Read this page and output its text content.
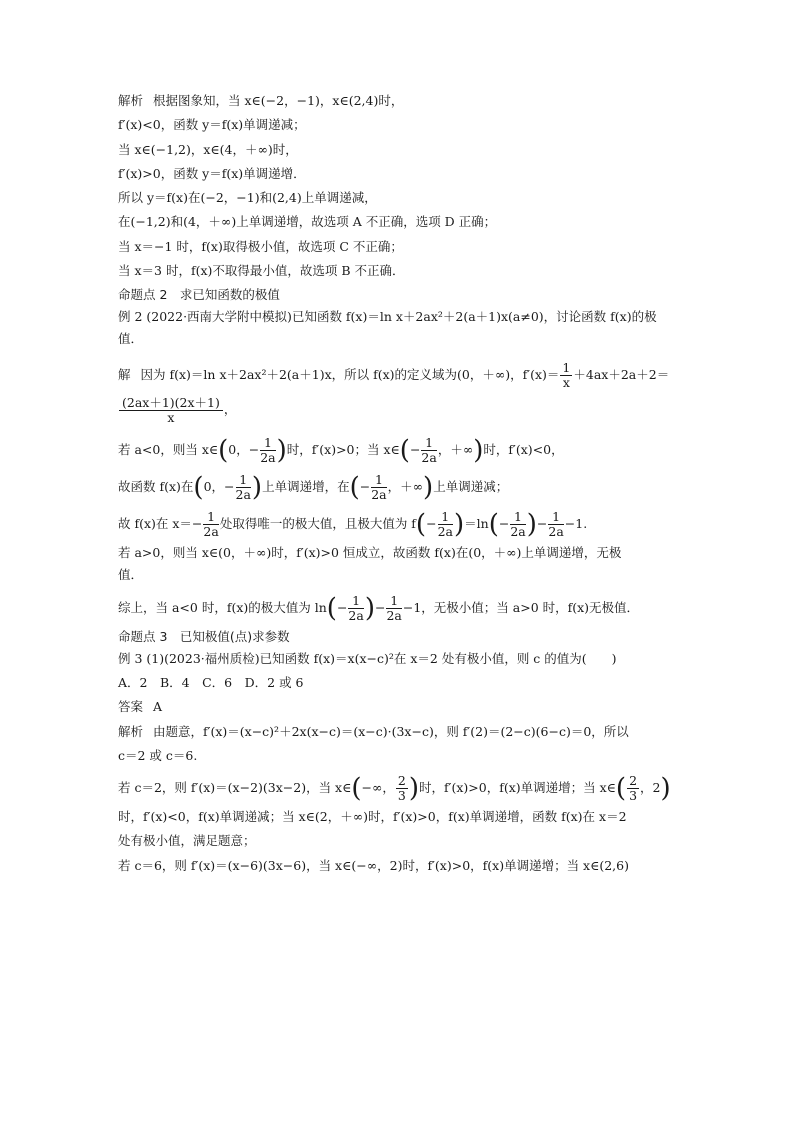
解析 根据图象知，当 x∈(−2，−1)，x∈(2,4)时，
f′(x)<0，函数 y＝f(x)单调递减；
当 x∈(−1,2)，x∈(4，＋∞)时，
f′(x)>0，函数 y＝f(x)单调递增．
所以 y＝f(x)在(−2，−1)和(2,4)上单调递减，
在(−1,2)和(4，＋∞)上单调递增，故选项 A 不正确，选项 D 正确；
当 x＝−1 时，f(x)取得极小值，故选项 C 不正确；
当 x＝3 时，f(x)不取得最小值，故选项 B 不正确．
命题点 2　求已知函数的极值
例 2 (2022·西南大学附中模拟)已知函数 f(x)＝ln x＋2ax²＋2(a＋1)x(a≠0)，讨论函数 f(x)的极
值．
解 因为 f(x)＝ln x＋2ax²＋2(a＋1)x，所以 f(x)的定义域为(0，＋∞)，$f'(x)= \frac{1}{x} +4ax+2a+2=$
$\frac{(2ax+1)(2x+1)}{x}$ ，
若 a<0，则当 x∈(0，− $\frac{1}{2a}$ )时，f′(x)>0；当 x∈(− $\frac{1}{2a}$ ，＋∞)时，f′(x)<0，
故函数 f(x)在(0，− $\frac{1}{2a}$ )上单调递增，在(− $\frac{1}{2a}$ ，＋∞)上单调递减；
故 f(x)在 $x=- \frac{1}{2a}$ 处取得唯一的极大值，且极大值为 $f(- \frac{1}{2a} )=\ln(- \frac{1}{2a}$ )− $\frac{1}{2a} -1$.
若 a>0，则当 x∈(0，＋∞)时，f′(x)>0 恒成立，故函数 f(x)在(0，＋∞)上单调递增，无极
值．
综上，当 a<0 时，f(x)的极大值为 $\ln(- \frac{1}{2a}$ )− $\frac{1}{2a} -1$，无极小值；当 a>0 时，f(x)无极值．
命题点 3　已知极值(点)求参数
例 3 (1)(2023·福州质检)已知函数 f(x)＝x(x−c)²在 x＝2 处有极小值，则 c 的值为(　　)
A．2　B．4　C．6　D．2 或 6
答案 A
解析 由题意，f′(x)＝(x−c)²＋2x(x−c)＝(x−c)·(3x−c)，则 f′(2)＝(2−c)(6−c)＝0，所以
c＝2 或 c＝6.
若 c＝2，则 f′(x)＝(x−2)(3x−2)，当 x∈(−∞， $\frac{2}{3}$ )时，f′(x)>0，f(x)单调递增；当 x∈( $\frac{2}{3}$ ，2)
时，f′(x)<0，f(x)单调递减；当 x∈(2，＋∞)时，f′(x)>0，f(x)单调递增，函数 f(x)在 x＝2
处有极小值，满足题意；
若 c＝6，则 f′(x)＝(x−6)(3x−6)，当 x∈(−∞，2)时，f′(x)>0，f(x)单调递增；当 x∈(2,6)
